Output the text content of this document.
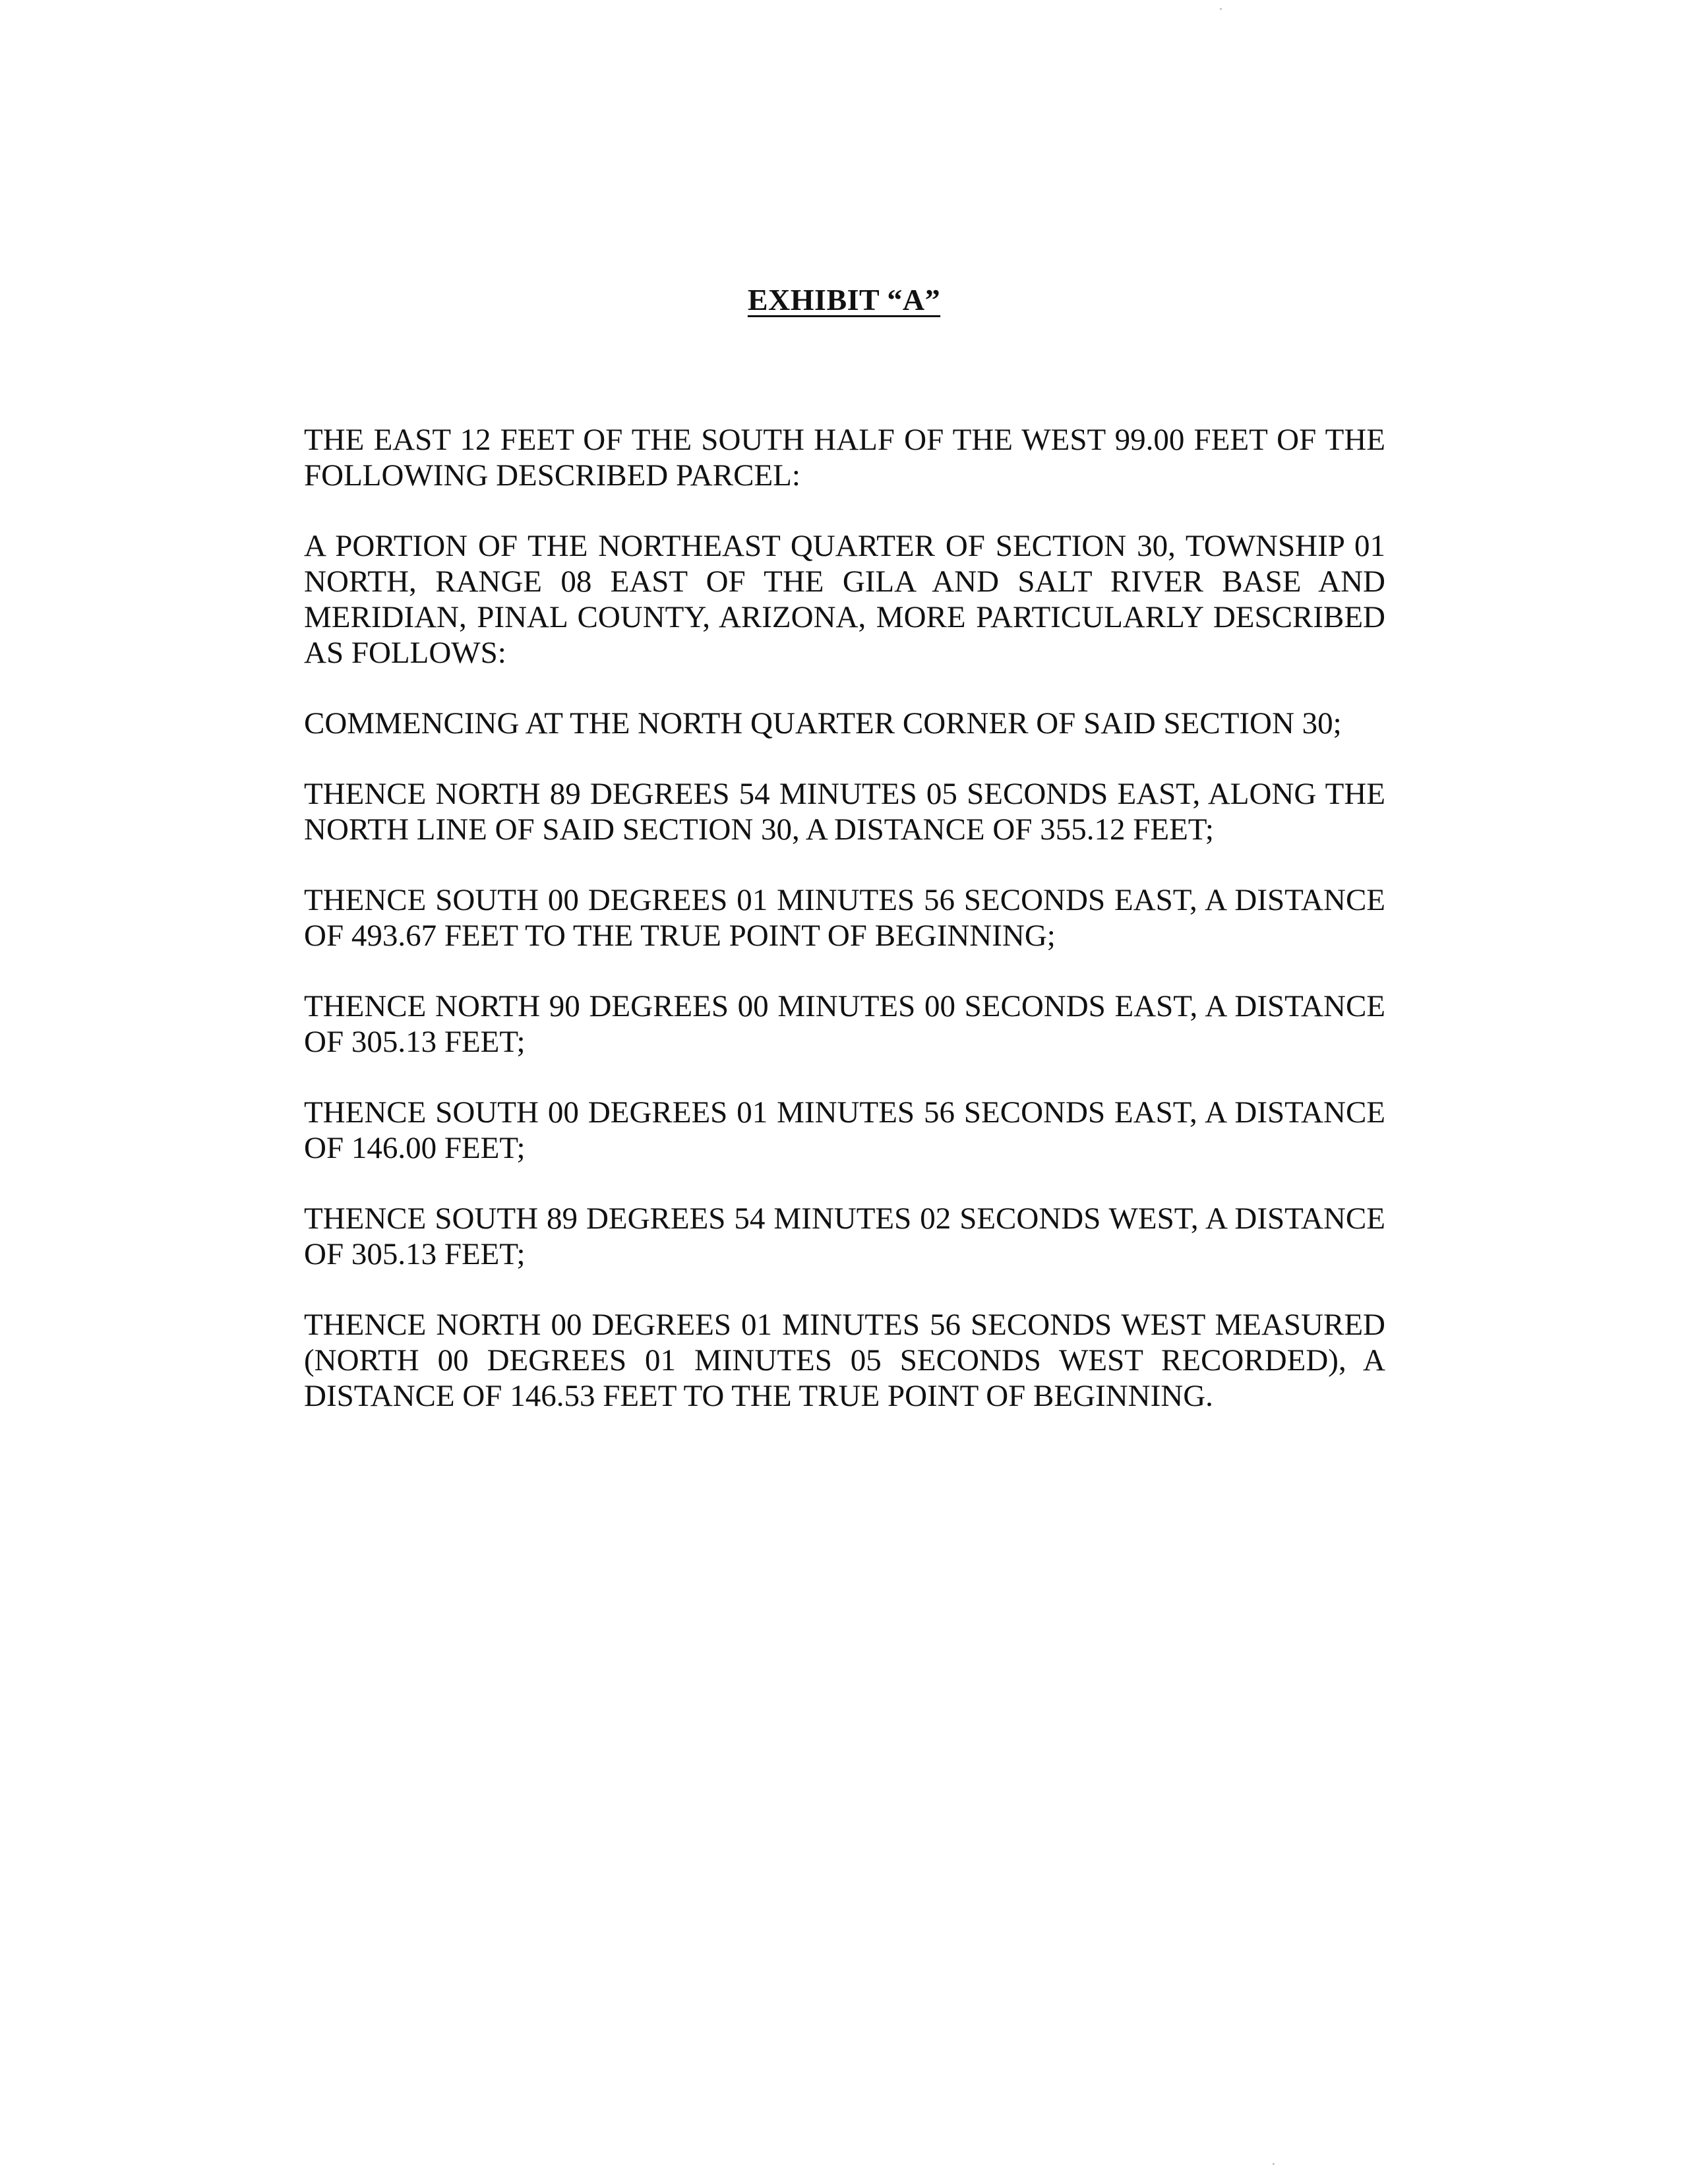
EXHIBIT “A”

THE EAST 12 FEET OF THE SOUTH HALF OF THE WEST 99.00 FEET OF THE FOLLOWING DESCRIBED PARCEL:

A PORTION OF THE NORTHEAST QUARTER OF SECTION 30, TOWNSHIP 01 NORTH, RANGE 08 EAST OF THE GILA AND SALT RIVER BASE AND MERIDIAN, PINAL COUNTY, ARIZONA, MORE PARTICULARLY DESCRIBED AS FOLLOWS:

COMMENCING AT THE NORTH QUARTER CORNER OF SAID SECTION 30;

THENCE NORTH 89 DEGREES 54 MINUTES 05 SECONDS EAST, ALONG THE NORTH LINE OF SAID SECTION 30, A DISTANCE OF 355.12 FEET;

THENCE SOUTH 00 DEGREES 01 MINUTES 56 SECONDS EAST, A DISTANCE OF 493.67 FEET TO THE TRUE POINT OF BEGINNING;

THENCE NORTH 90 DEGREES 00 MINUTES 00 SECONDS EAST, A DISTANCE OF 305.13 FEET;

THENCE SOUTH 00 DEGREES 01 MINUTES 56 SECONDS EAST, A DISTANCE OF 146.00 FEET;

THENCE SOUTH 89 DEGREES 54 MINUTES 02 SECONDS WEST, A DISTANCE OF 305.13 FEET;

THENCE NORTH 00 DEGREES 01 MINUTES 56 SECONDS WEST MEASURED (NORTH 00 DEGREES 01 MINUTES 05 SECONDS WEST RECORDED), A DISTANCE OF 146.53 FEET TO THE TRUE POINT OF BEGINNING.
